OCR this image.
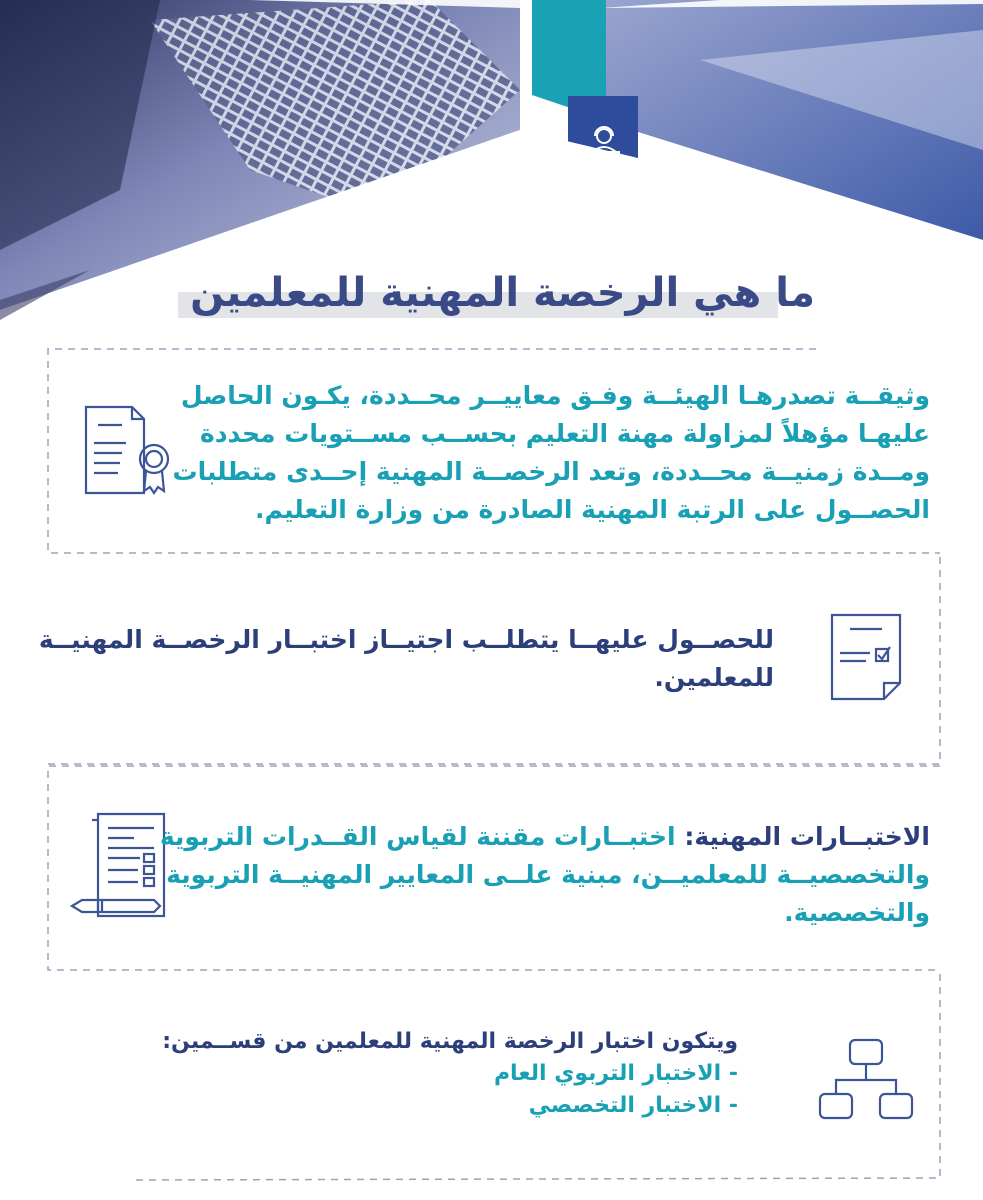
ما هي الرخصة المهنية للمعلمين
وثيقــة تصدرهـا الهيئــة وفـق معاييــر محــددة، يكـون الحاصل
عليهـا مؤهلاً لمزاولة مهنة التعليم بحســب مســتويات محددة
ومــدة زمنيــة محــددة، وتعد الرخصــة المهنية إحــدى متطلبات
الحصــول على الرتبة المهنية الصادرة من وزارة التعليم.
للحصــول عليهــا يتطلــب اجتيــاز اختبــار الرخصــة المهنيــة
للمعلمين.
الاختبــارات المهنية: اختبــارات مقننة لقياس القــدرات التربوية
والتخصصيــة للمعلميــن، مبنية علــى المعايير المهنيــة التربوية
والتخصصية.
ويتكون اختبار الرخصة المهنية للمعلمين من قســمين:
- الاختبار التربوي العام
- الاختبار التخصصي
